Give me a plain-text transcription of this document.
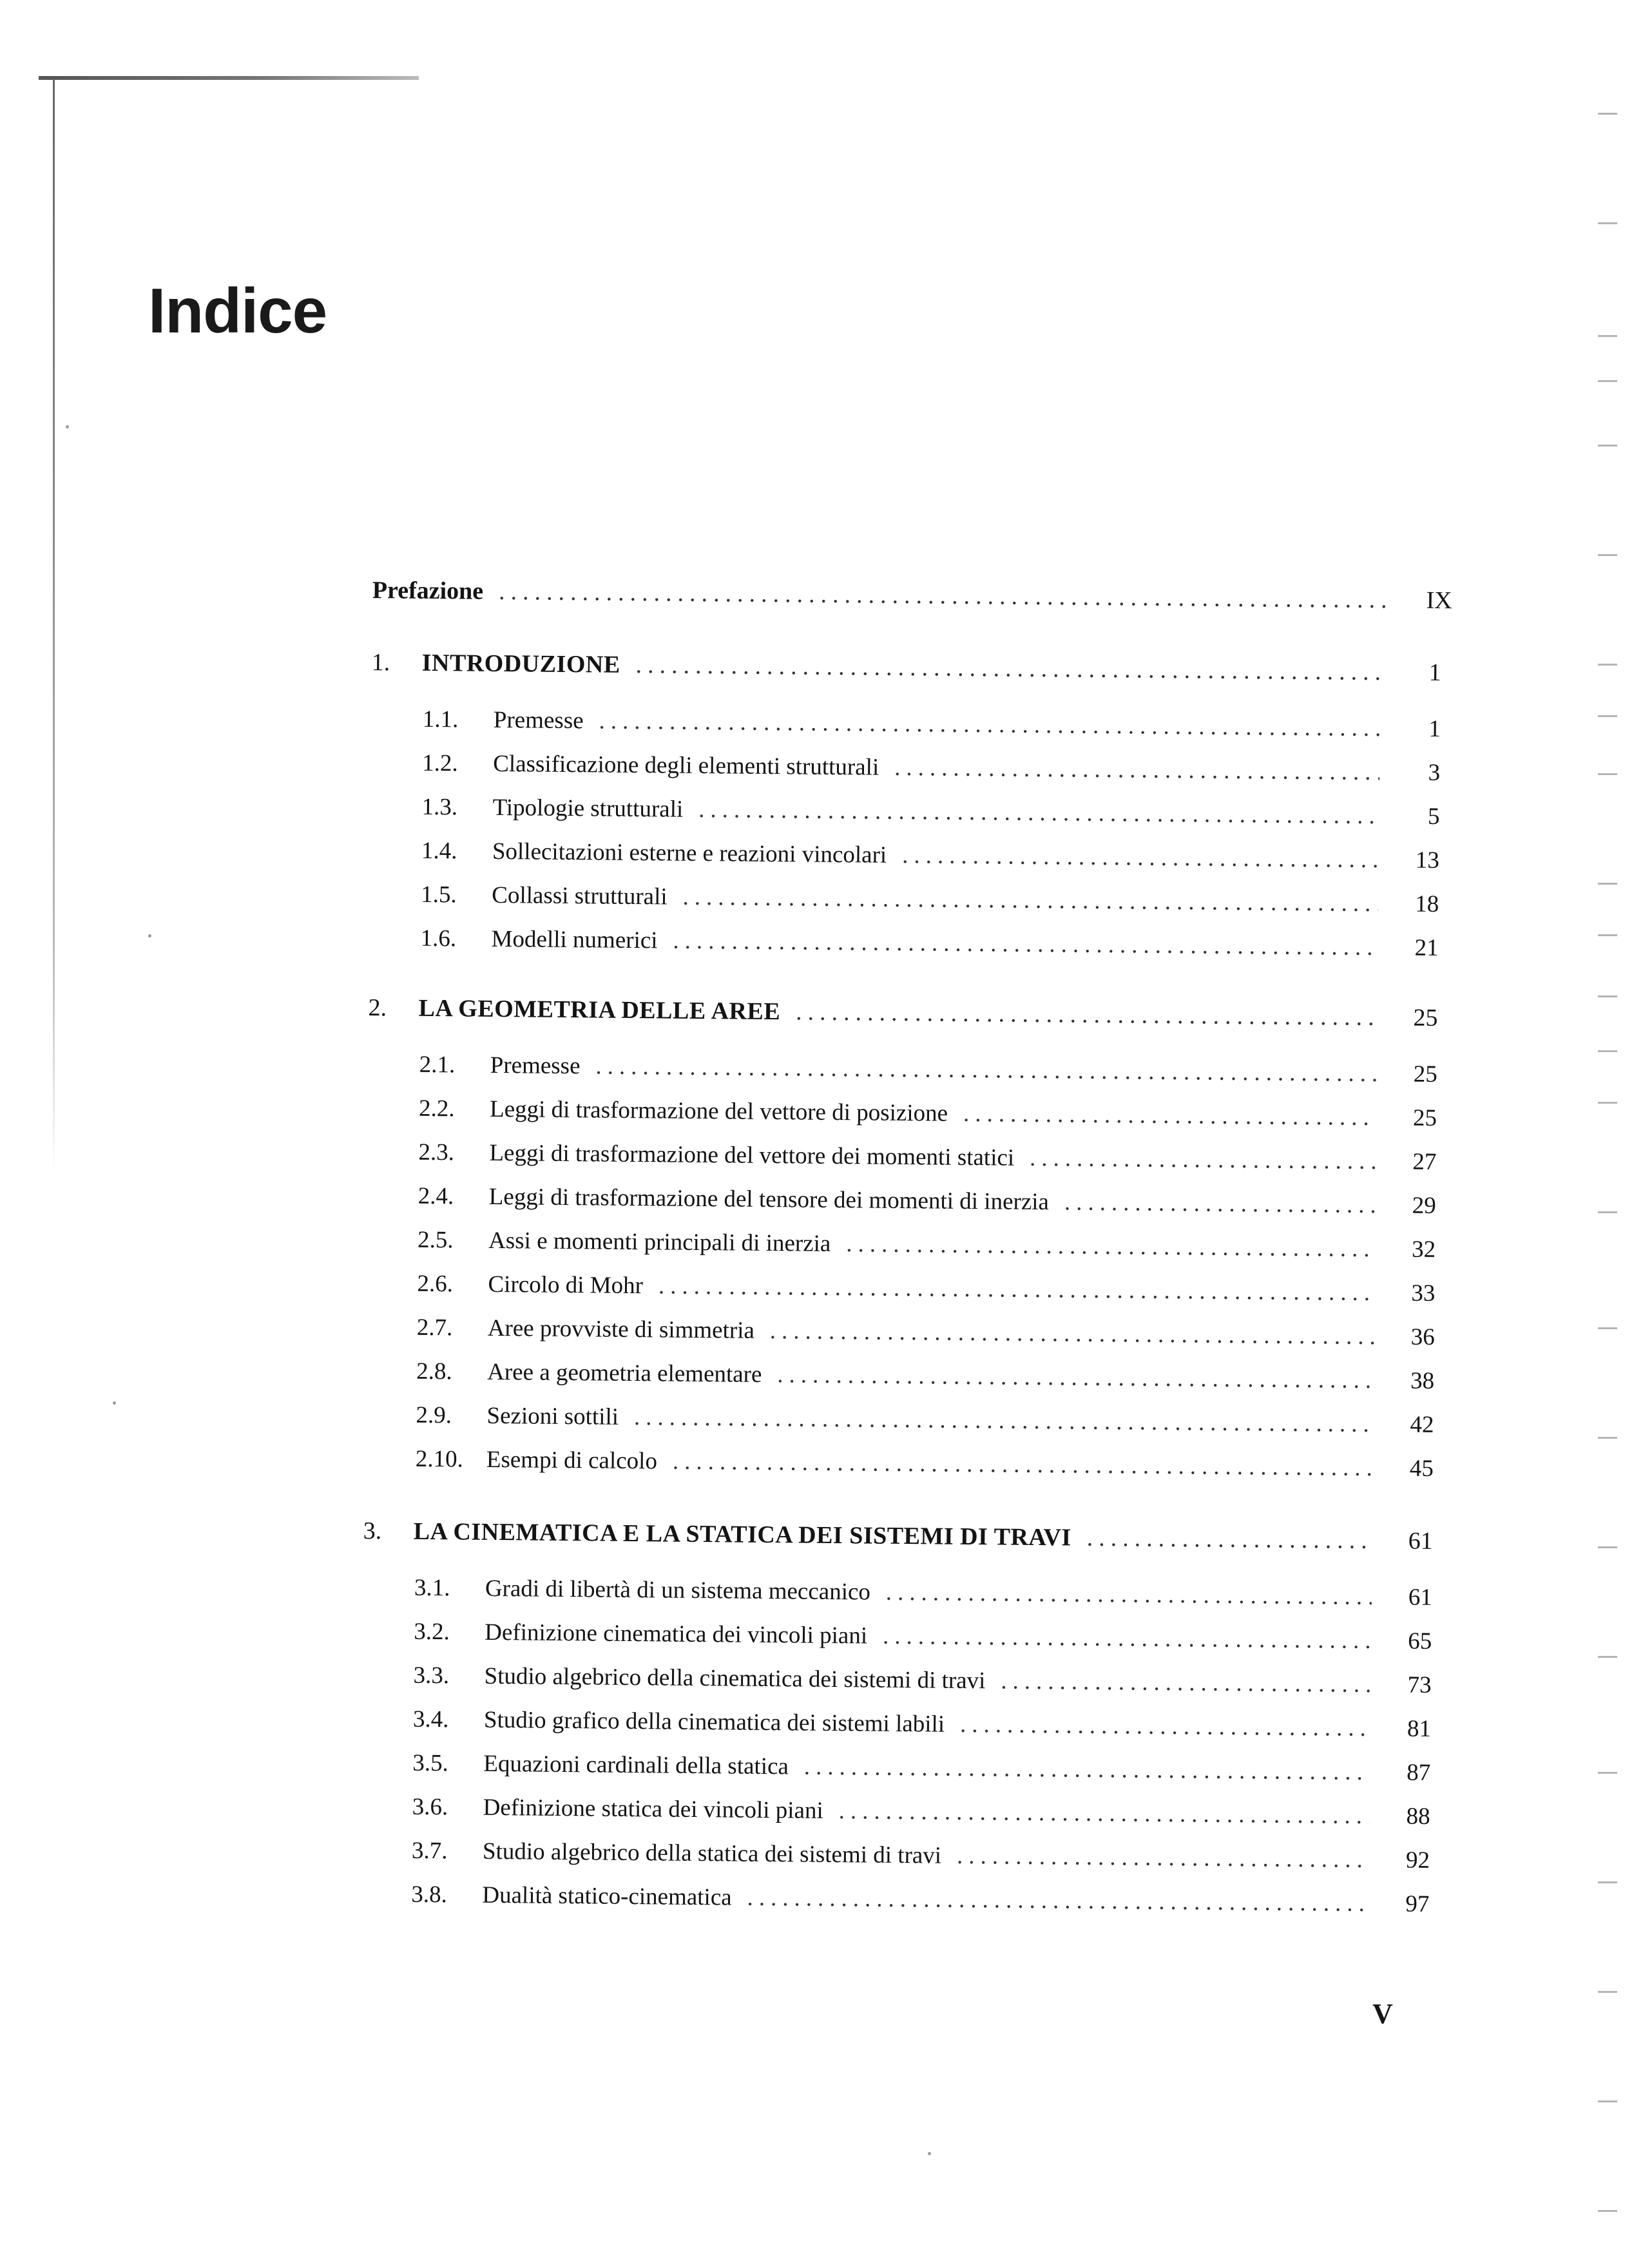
Indice
Prefazione .....	IX
1.	INTRODUZIONE .....	1
1.1.	Premesse .....	1
1.2.	Classificazione degli elementi strutturali .....	3
1.3.	Tipologie strutturali .....	5
1.4.	Sollecitazioni esterne e reazioni vincolari .....	13
1.5.	Collassi strutturali .....	18
1.6.	Modelli numerici .....	21
2.	LA GEOMETRIA DELLE AREE .....	25
2.1.	Premesse .....	25
2.2.	Leggi di trasformazione del vettore di posizione .....	25
2.3.	Leggi di trasformazione del vettore dei momenti statici .....	27
2.4.	Leggi di trasformazione del tensore dei momenti di inerzia .....	29
2.5.	Assi e momenti principali di inerzia .....	32
2.6.	Circolo di Mohr .....	33
2.7.	Aree provviste di simmetria .....	36
2.8.	Aree a geometria elementare .....	38
2.9.	Sezioni sottili .....	42
2.10. Esempi di calcolo .....	45
3.	LA CINEMATICA E LA STATICA DEI SISTEMI DI TRAVI .....	61
3.1.	Gradi di libertà di un sistema meccanico .....	61
3.2.	Definizione cinematica dei vincoli piani .....	65
3.3.	Studio algebrico della cinematica dei sistemi di travi .....	73
3.4.	Studio grafico della cinematica dei sistemi labili .....	81
3.5.	Equazioni cardinali della statica .....	87
3.6.	Definizione statica dei vincoli piani .....	88
3.7.	Studio algebrico della statica dei sistemi di travi .....	92
3.8.	Dualità statico-cinematica .....	97
V
